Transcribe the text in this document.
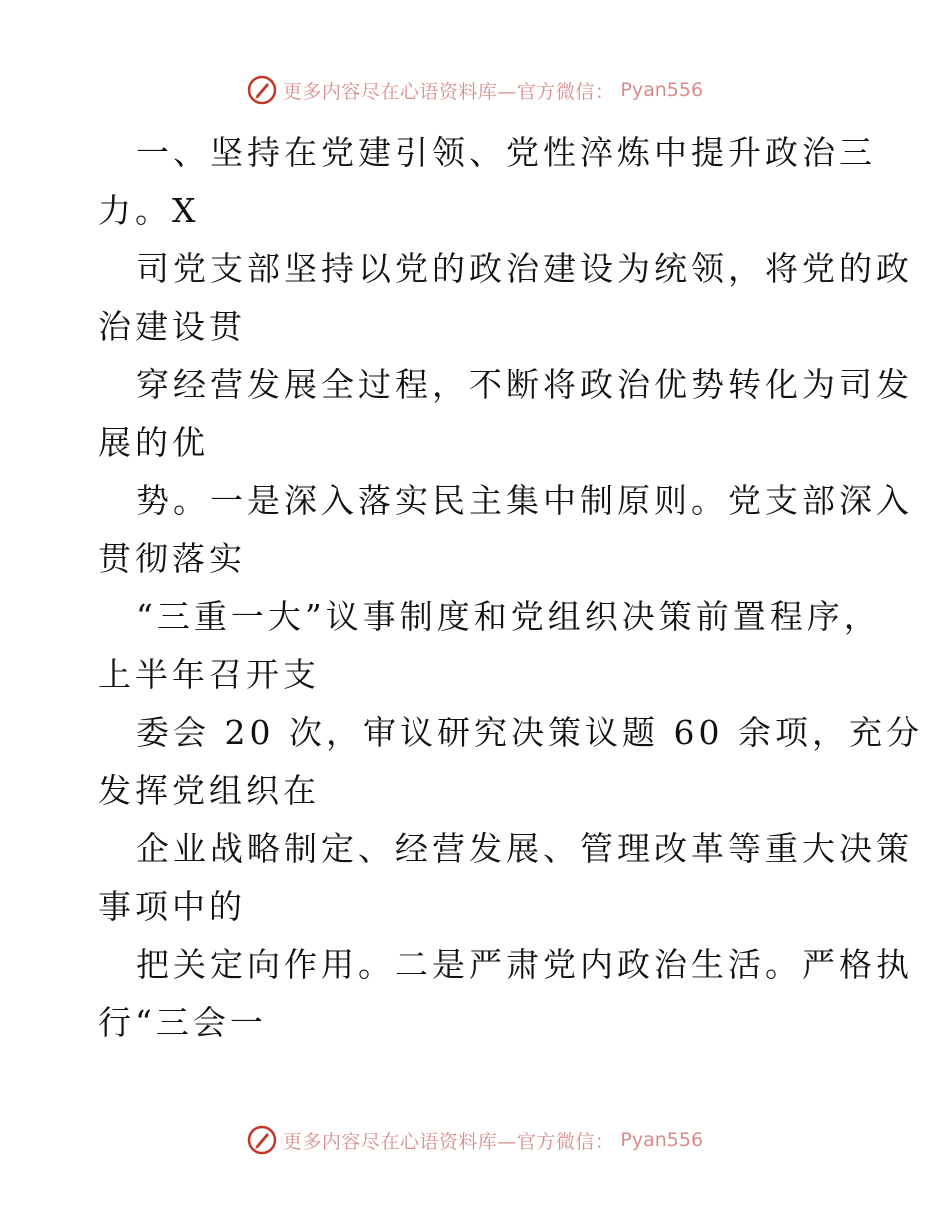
更多内容尽在心语资料库—官方微信： Pyan556
一、坚持在党建引领、党性淬炼中提升政治三
力。X
司党支部坚持以党的政治建设为统领，将党的政
治建设贯
穿经营发展全过程，不断将政治优势转化为司发
展的优
势。一是深入落实民主集中制原则。党支部深入
贯彻落实
“三重一大”议事制度和党组织决策前置程序，
上半年召开支
委会 20 次，审议研究决策议题 60 余项，充分
发挥党组织在
企业战略制定、经营发展、管理改革等重大决策
事项中的
把关定向作用。二是严肃党内政治生活。严格执
行“三会一
更多内容尽在心语资料库—官方微信： Pyan556
